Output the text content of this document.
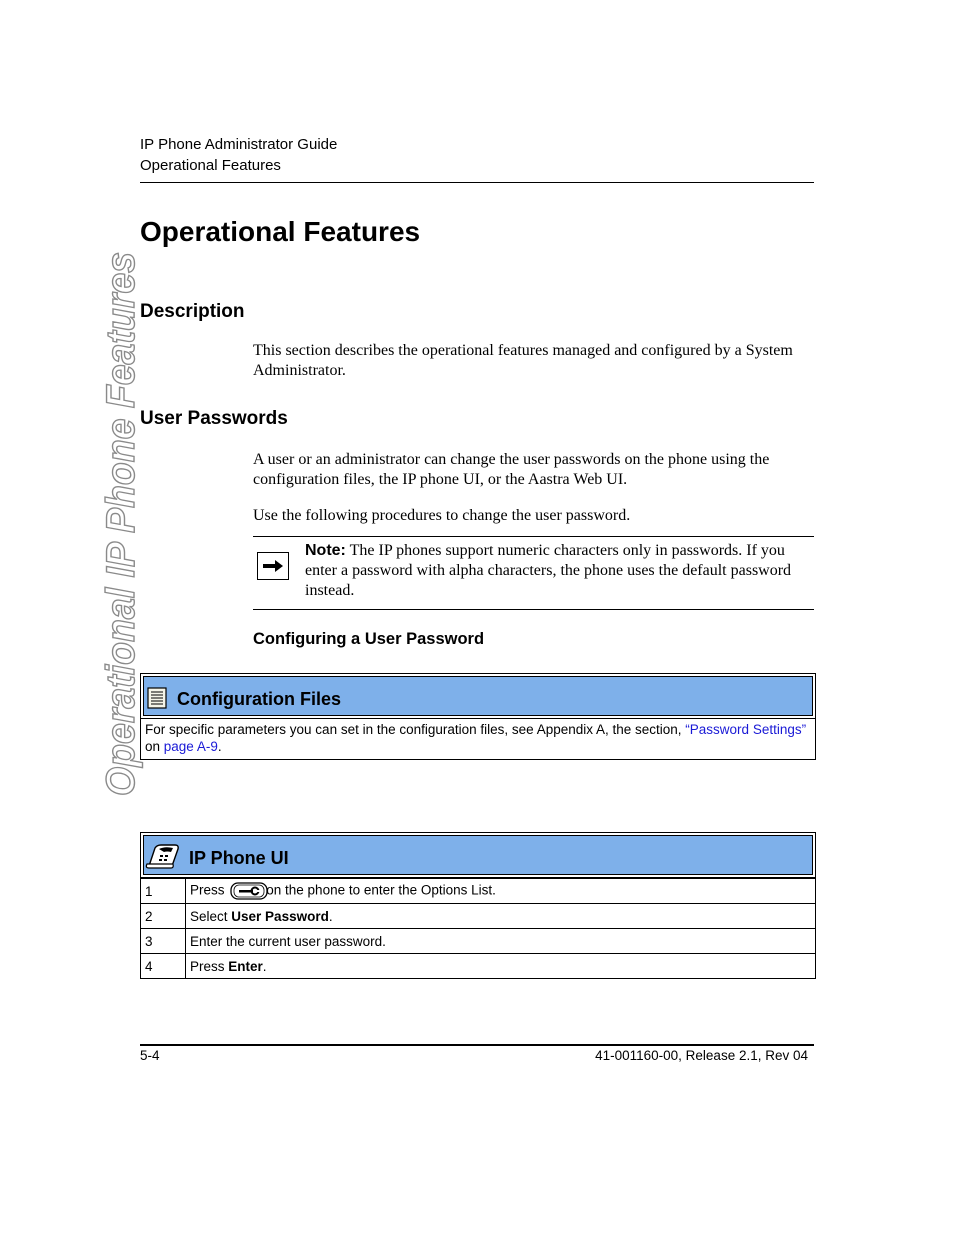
Operational IP Phone Features
IP Phone Administrator Guide
Operational Features
Operational Features
Description
This section describes the operational features managed and configured by a System Administrator.
User Passwords
A user or an administrator can change the user passwords on the phone using the configuration files, the IP phone UI, or the Aastra Web UI.
Use the following procedures to change the user password.
Note: The IP phones support numeric characters only in passwords. If you enter a password with alpha characters, the phone uses the default password instead.
Configuring a User Password
Configuration Files
For specific parameters you can set in the configuration files, see Appendix A, the section, “Password Settings” on page A-9.
IP Phone UI
1	Press on the phone to enter the Options List.
2	Select User Password.
3	Enter the current user password.
4	Press Enter.
5-4	41-001160-00, Release 2.1, Rev 04
